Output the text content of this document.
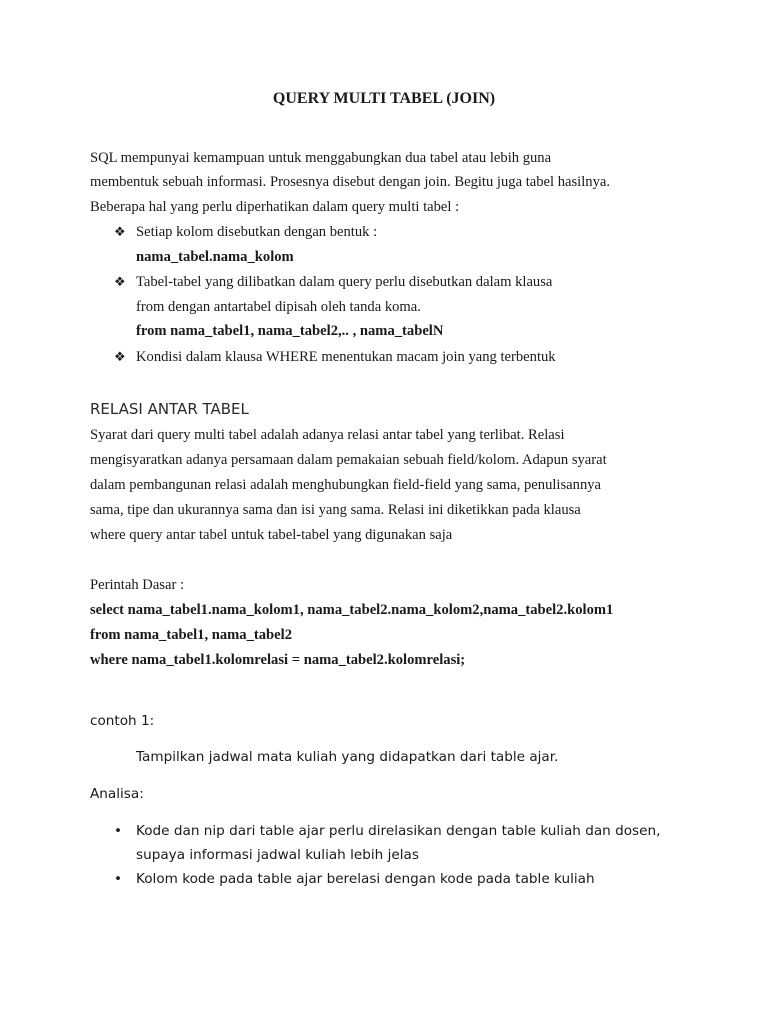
QUERY MULTI TABEL (JOIN)
SQL mempunyai kemampuan untuk menggabungkan dua tabel atau lebih guna
membentuk sebuah informasi. Prosesnya disebut dengan join. Begitu juga tabel hasilnya.
Beberapa hal yang perlu diperhatikan dalam query multi tabel :
❖ Setiap kolom disebutkan dengan bentuk :
nama_tabel.nama_kolom
❖ Tabel-tabel yang dilibatkan dalam query perlu disebutkan dalam klausa
from dengan antartabel dipisah oleh tanda koma.
from nama_tabel1, nama_tabel2,.. , nama_tabelN
❖ Kondisi dalam klausa WHERE menentukan macam join yang terbentuk
RELASI ANTAR TABEL
Syarat dari query multi tabel adalah adanya relasi antar tabel yang terlibat. Relasi
mengisyaratkan adanya persamaan dalam pemakaian sebuah field/kolom. Adapun syarat
dalam pembangunan relasi adalah menghubungkan field-field yang sama, penulisannya
sama, tipe dan ukurannya sama dan isi yang sama. Relasi ini diketikkan pada klausa
where query antar tabel untuk tabel-tabel yang digunakan saja
Perintah Dasar :
select nama_tabel1.nama_kolom1, nama_tabel2.nama_kolom2,nama_tabel2.kolom1
from nama_tabel1, nama_tabel2
where nama_tabel1.kolomrelasi = nama_tabel2.kolomrelasi;
contoh 1:
Tampilkan jadwal mata kuliah yang didapatkan dari table ajar.
Analisa:
• Kode dan nip dari table ajar perlu direlasikan dengan table kuliah dan dosen,
supaya informasi jadwal kuliah lebih jelas
• Kolom kode pada table ajar berelasi dengan kode pada table kuliah
